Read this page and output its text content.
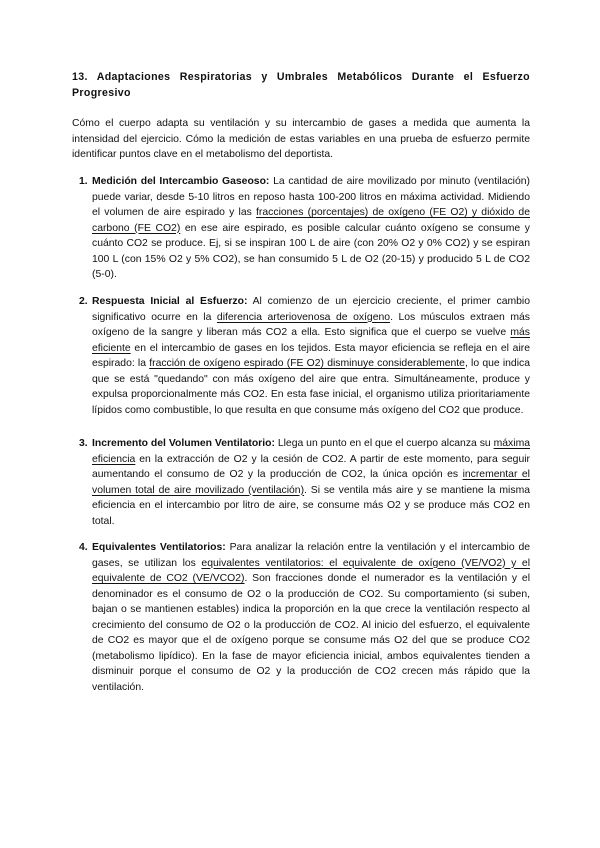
13. Adaptaciones Respiratorias y Umbrales Metabólicos Durante el Esfuerzo Progresivo

Cómo el cuerpo adapta su ventilación y su intercambio de gases a medida que aumenta la intensidad del ejercicio. Cómo la medición de estas variables en una prueba de esfuerzo permite identificar puntos clave en el metabolismo del deportista.

1. Medición del Intercambio Gaseoso: La cantidad de aire movilizado por minuto (ventilación) puede variar, desde 5-10 litros en reposo hasta 100-200 litros en máxima actividad. Midiendo el volumen de aire espirado y las fracciones (porcentajes) de oxígeno (FE O2) y dióxido de carbono (FE CO2) en ese aire espirado, es posible calcular cuánto oxígeno se consume y cuánto CO2 se produce. Ej, si se inspiran 100 L de aire (con 20% O2 y 0% CO2) y se espiran 100 L (con 15% O2 y 5% CO2), se han consumido 5 L de O2 (20-15) y producido 5 L de CO2 (5-0).

2. Respuesta Inicial al Esfuerzo: Al comienzo de un ejercicio creciente, el primer cambio significativo ocurre en la diferencia arteriovenosa de oxígeno. Los músculos extraen más oxígeno de la sangre y liberan más CO2 a ella. Esto significa que el cuerpo se vuelve más eficiente en el intercambio de gases en los tejidos. Esta mayor eficiencia se refleja en el aire espirado: la fracción de oxígeno espirado (FE O2) disminuye considerablemente, lo que indica que se está "quedando" con más oxígeno del aire que entra. Simultáneamente, produce y expulsa proporcionalmente más CO2. En esta fase inicial, el organismo utiliza prioritariamente lípidos como combustible, lo que resulta en que consume más oxígeno del CO2 que produce.

3. Incremento del Volumen Ventilatorio: Llega un punto en el que el cuerpo alcanza su máxima eficiencia en la extracción de O2 y la cesión de CO2. A partir de este momento, para seguir aumentando el consumo de O2 y la producción de CO2, la única opción es incrementar el volumen total de aire movilizado (ventilación). Si se ventila más aire y se mantiene la misma eficiencia en el intercambio por litro de aire, se consume más O2 y se produce más CO2 en total.

4. Equivalentes Ventilatorios: Para analizar la relación entre la ventilación y el intercambio de gases, se utilizan los equivalentes ventilatorios: el equivalente de oxígeno (VE/VO2) y el equivalente de CO2 (VE/VCO2). Son fracciones donde el numerador es la ventilación y el denominador es el consumo de O2 o la producción de CO2. Su comportamiento (si suben, bajan o se mantienen estables) indica la proporción en la que crece la ventilación respecto al crecimiento del consumo de O2 o la producción de CO2. Al inicio del esfuerzo, el equivalente de CO2 es mayor que el de oxígeno porque se consume más O2 del que se produce CO2 (metabolismo lipídico). En la fase de mayor eficiencia inicial, ambos equivalentes tienden a disminuir porque el consumo de O2 y la producción de CO2 crecen más rápido que la ventilación.
